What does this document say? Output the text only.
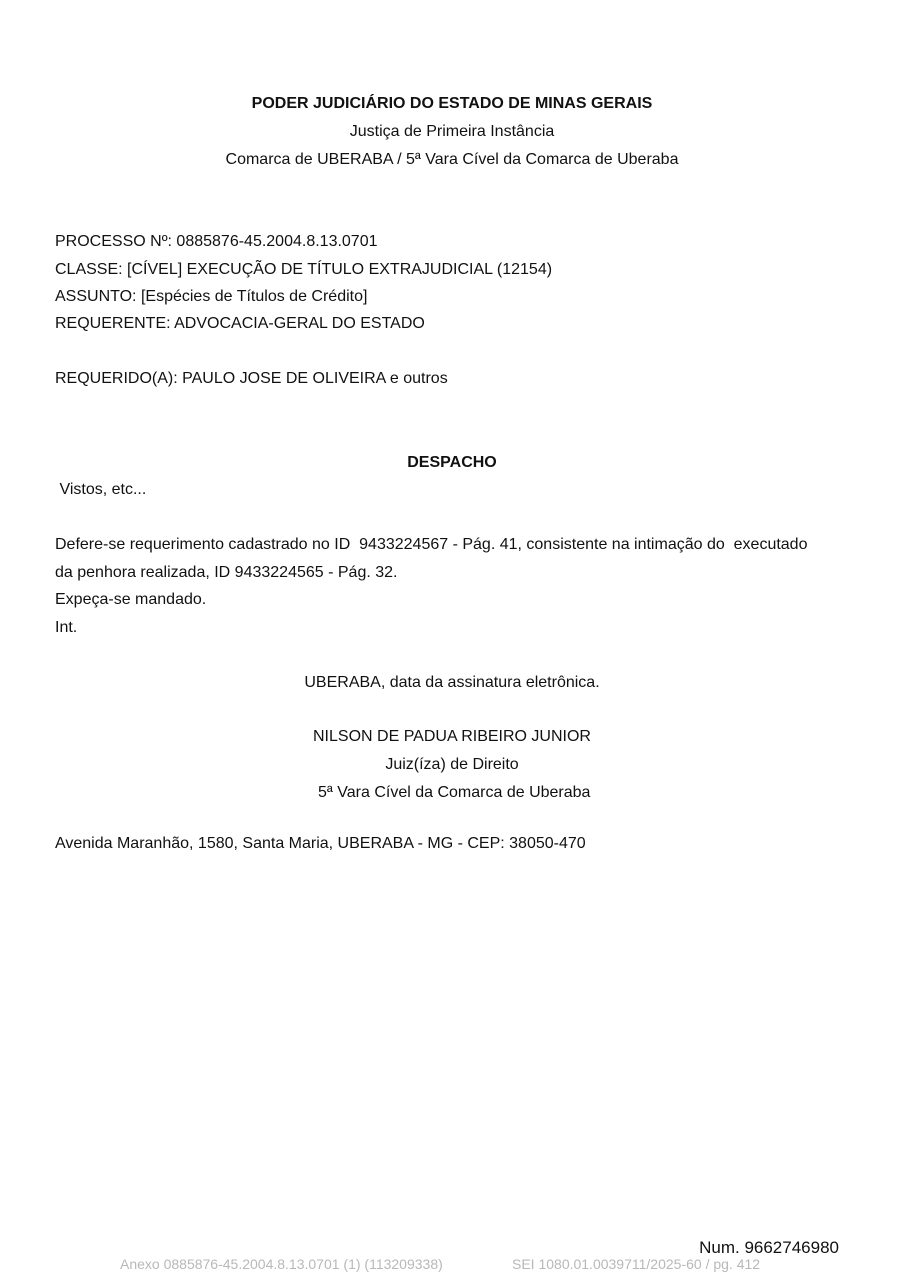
PODER JUDICIÁRIO DO ESTADO DE MINAS GERAIS
Justiça de Primeira Instância
Comarca de UBERABA / 5ª Vara Cível da Comarca de Uberaba
PROCESSO Nº: 0885876-45.2004.8.13.0701
CLASSE: [CÍVEL] EXECUÇÃO DE TÍTULO EXTRAJUDICIAL (12154)
ASSUNTO: [Espécies de Títulos de Crédito]
REQUERENTE: ADVOCACIA-GERAL DO ESTADO
REQUERIDO(A): PAULO JOSE DE OLIVEIRA e outros
DESPACHO
Vistos, etc...
Defere-se requerimento cadastrado no ID  9433224567 - Pág. 41, consistente na intimação do  executado
da penhora realizada, ID 9433224565 - Pág. 32.
Expeça-se mandado.
Int.
UBERABA, data da assinatura eletrônica.
NILSON DE PADUA RIBEIRO JUNIOR
Juiz(íza) de Direito
5ª Vara Cível da Comarca de Uberaba
Avenida Maranhão, 1580, Santa Maria, UBERABA - MG - CEP: 38050-470
Num. 9662746980
Anexo 0885876-45.2004.8.13.0701 (1) (113209338)	SEI 1080.01.0039711/2025-60 / pg. 412
